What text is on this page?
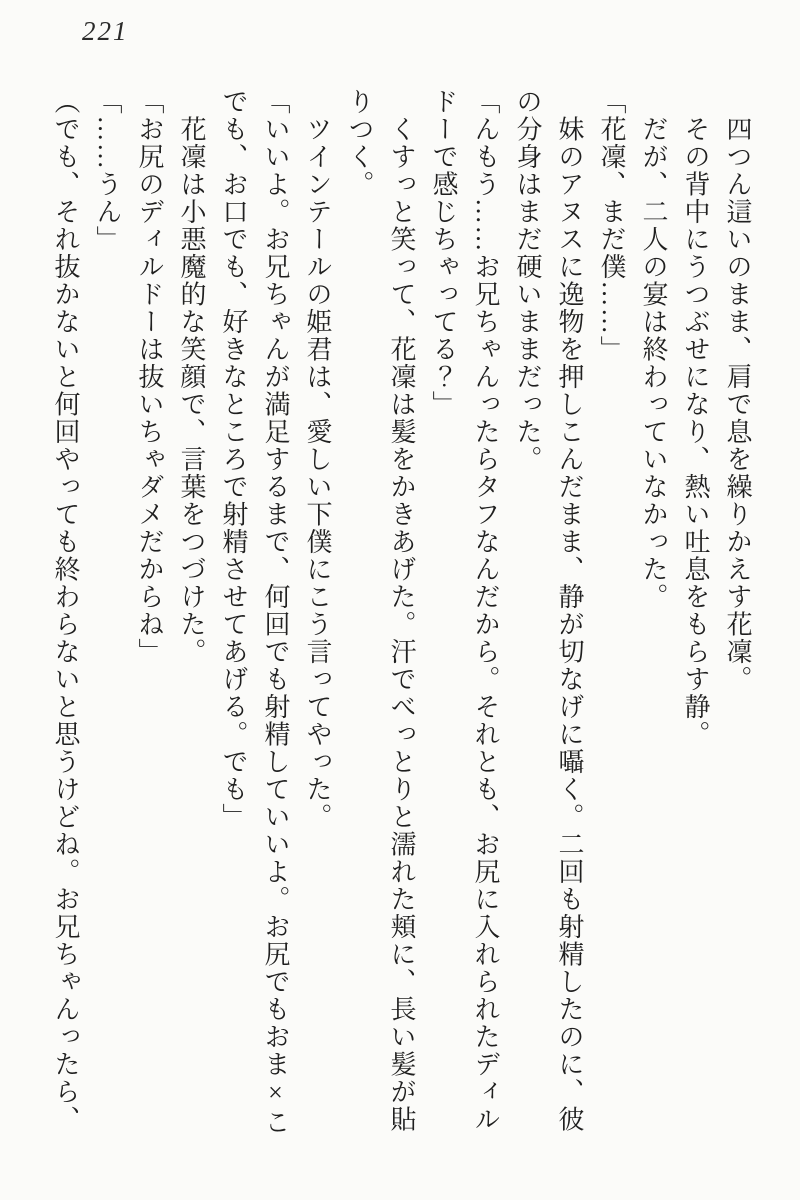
221
　四つん這いのまま、肩で息を繰りかえす花凜。
　その背中にうつぶせになり、熱い吐息をもらす静。
　だが、二人の宴は終わっていなかった。
「花凜、まだ僕……」
　妹のアヌスに逸物を押しこんだまま、静が切なげに囁く。二回も射精したのに、彼
の分身はまだ硬いままだった。
「んもう……お兄ちゃんったらタフなんだから。それとも、お尻に入れられたディル
ドーで感じちゃってる？」
　くすっと笑って、花凜は髪をかきあげた。汗でべっとりと濡れた頬に、長い髪が貼
りつく。
　ツインテールの姫君は、愛しい下僕にこう言ってやった。
「いいよ。お兄ちゃんが満足するまで、何回でも射精していいよ。お尻でもおま×こ
でも、お口でも、好きなところで射精させてあげる。でも」
　花凜は小悪魔的な笑顔で、言葉をつづけた。
「お尻のディルドーは抜いちゃダメだからね」
「……うん」
（でも、それ抜かないと何回やっても終わらないと思うけどね。お兄ちゃんったら、
